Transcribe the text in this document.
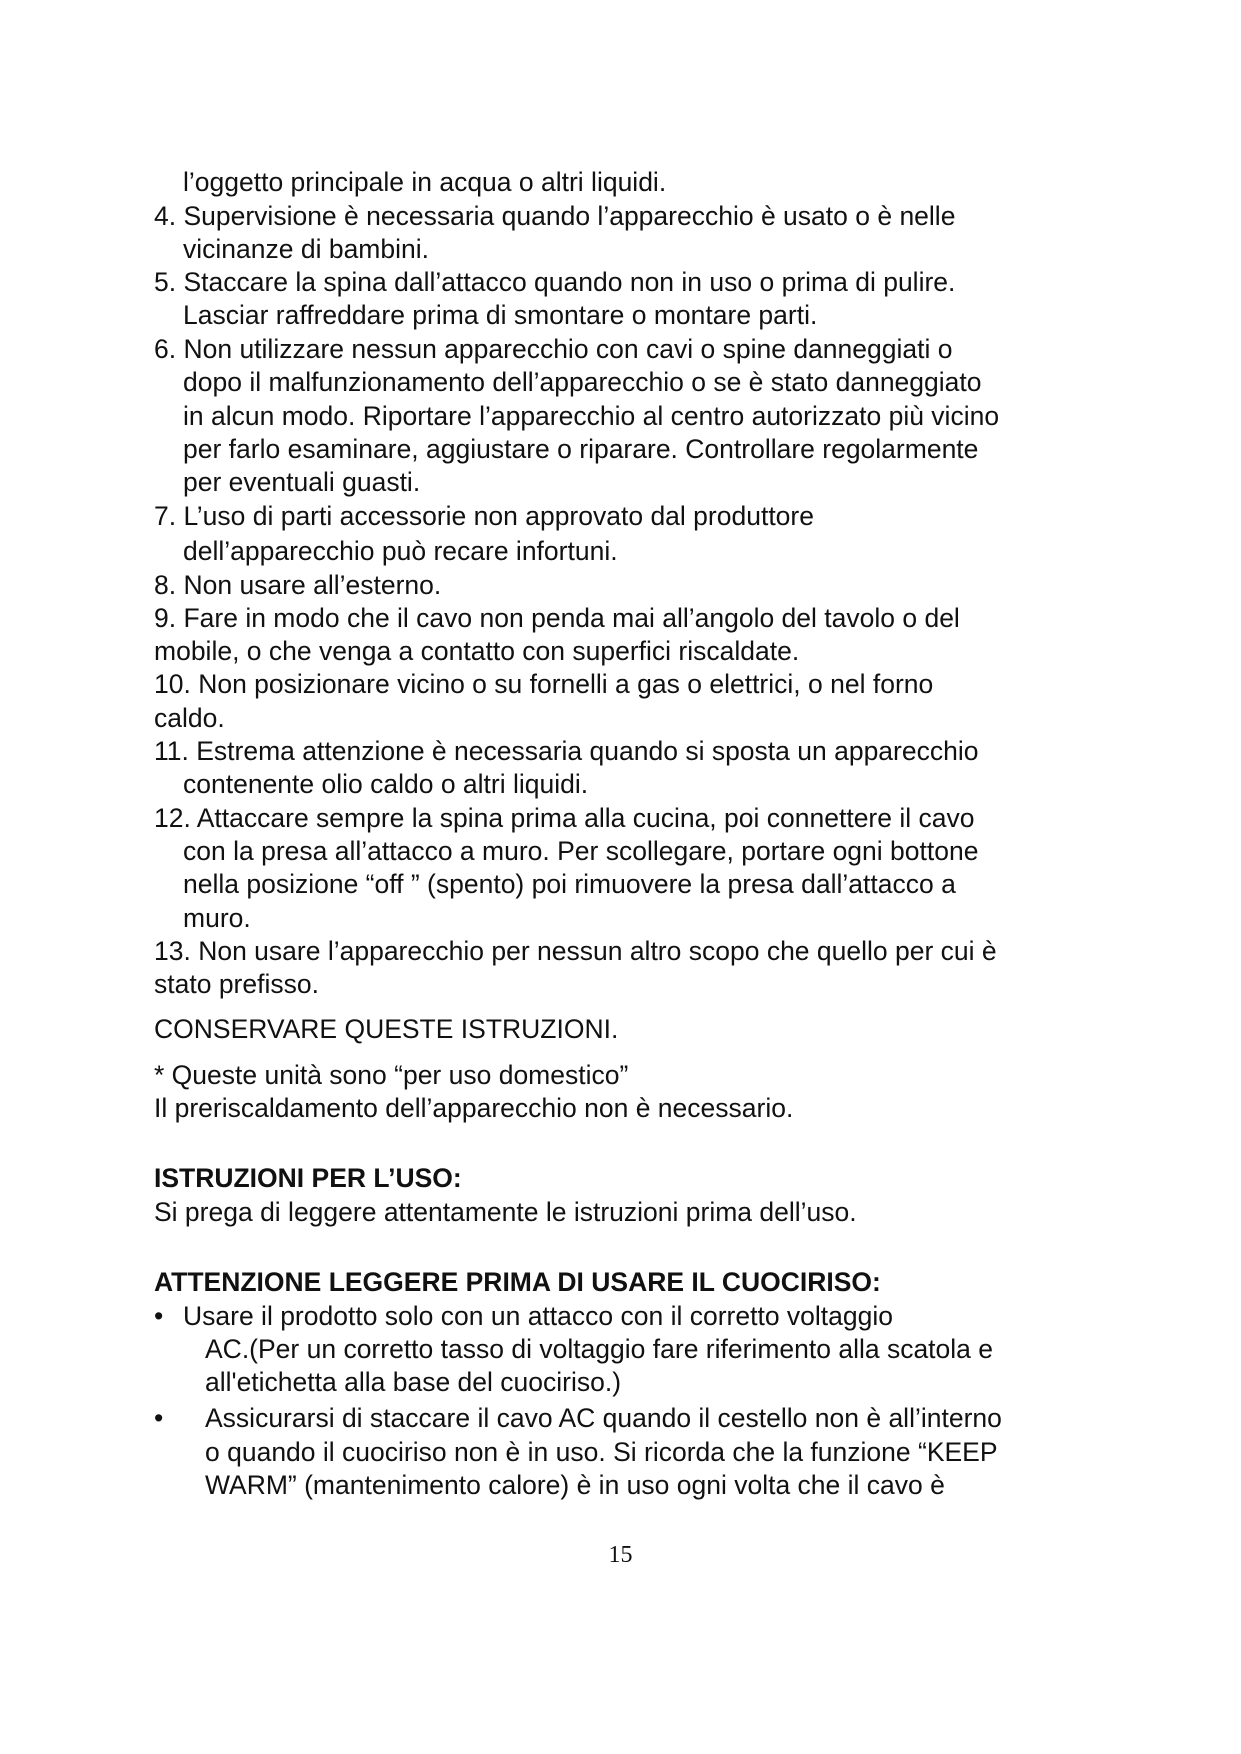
l’oggetto principale in acqua o altri liquidi.
4. Supervisione è necessaria quando l’apparecchio è usato o è nelle
vicinanze di bambini.
5. Staccare la spina dall’attacco quando non in uso o prima di pulire.
Lasciar raffreddare prima di smontare o montare parti.
6. Non utilizzare nessun apparecchio con cavi o spine danneggiati o
dopo il malfunzionamento dell’apparecchio o se è stato danneggiato
in alcun modo. Riportare l’apparecchio al centro autorizzato più vicino
per farlo esaminare, aggiustare o riparare. Controllare regolarmente
per eventuali guasti.
7. L’uso di parti accessorie non approvato dal produttore
dell’apparecchio può recare infortuni.
8. Non usare all’esterno.
9. Fare in modo che il cavo non penda mai all’angolo del tavolo o del
mobile, o che venga a contatto con superfici riscaldate.
10. Non posizionare vicino o su fornelli a gas o elettrici, o nel forno
caldo.
11. Estrema attenzione è necessaria quando si sposta un apparecchio
contenente olio caldo o altri liquidi.
12. Attaccare sempre la spina prima alla cucina, poi connettere il cavo
con la presa all’attacco a muro. Per scollegare, portare ogni bottone
nella posizione “off ” (spento) poi rimuovere la presa dall’attacco a
muro.
13. Non usare l’apparecchio per nessun altro scopo che quello per cui è
stato prefisso.
CONSERVARE QUESTE ISTRUZIONI.
* Queste unità sono “per uso domestico”
Il preriscaldamento dell’apparecchio non è necessario.
ISTRUZIONI PER L’USO:
Si prega di leggere attentamente le istruzioni prima dell’uso.
ATTENZIONE LEGGERE PRIMA DI USARE IL CUOCIRISO:
• Usare il prodotto solo con un attacco con il corretto voltaggio
AC.(Per un corretto tasso di voltaggio fare riferimento alla scatola e
all'etichetta alla base del cuociriso.)
• Assicurarsi di staccare il cavo AC quando il cestello non è all’interno
o quando il cuociriso non è in uso. Si ricorda che la funzione “KEEP
WARM” (mantenimento calore) è in uso ogni volta che il cavo è
15
